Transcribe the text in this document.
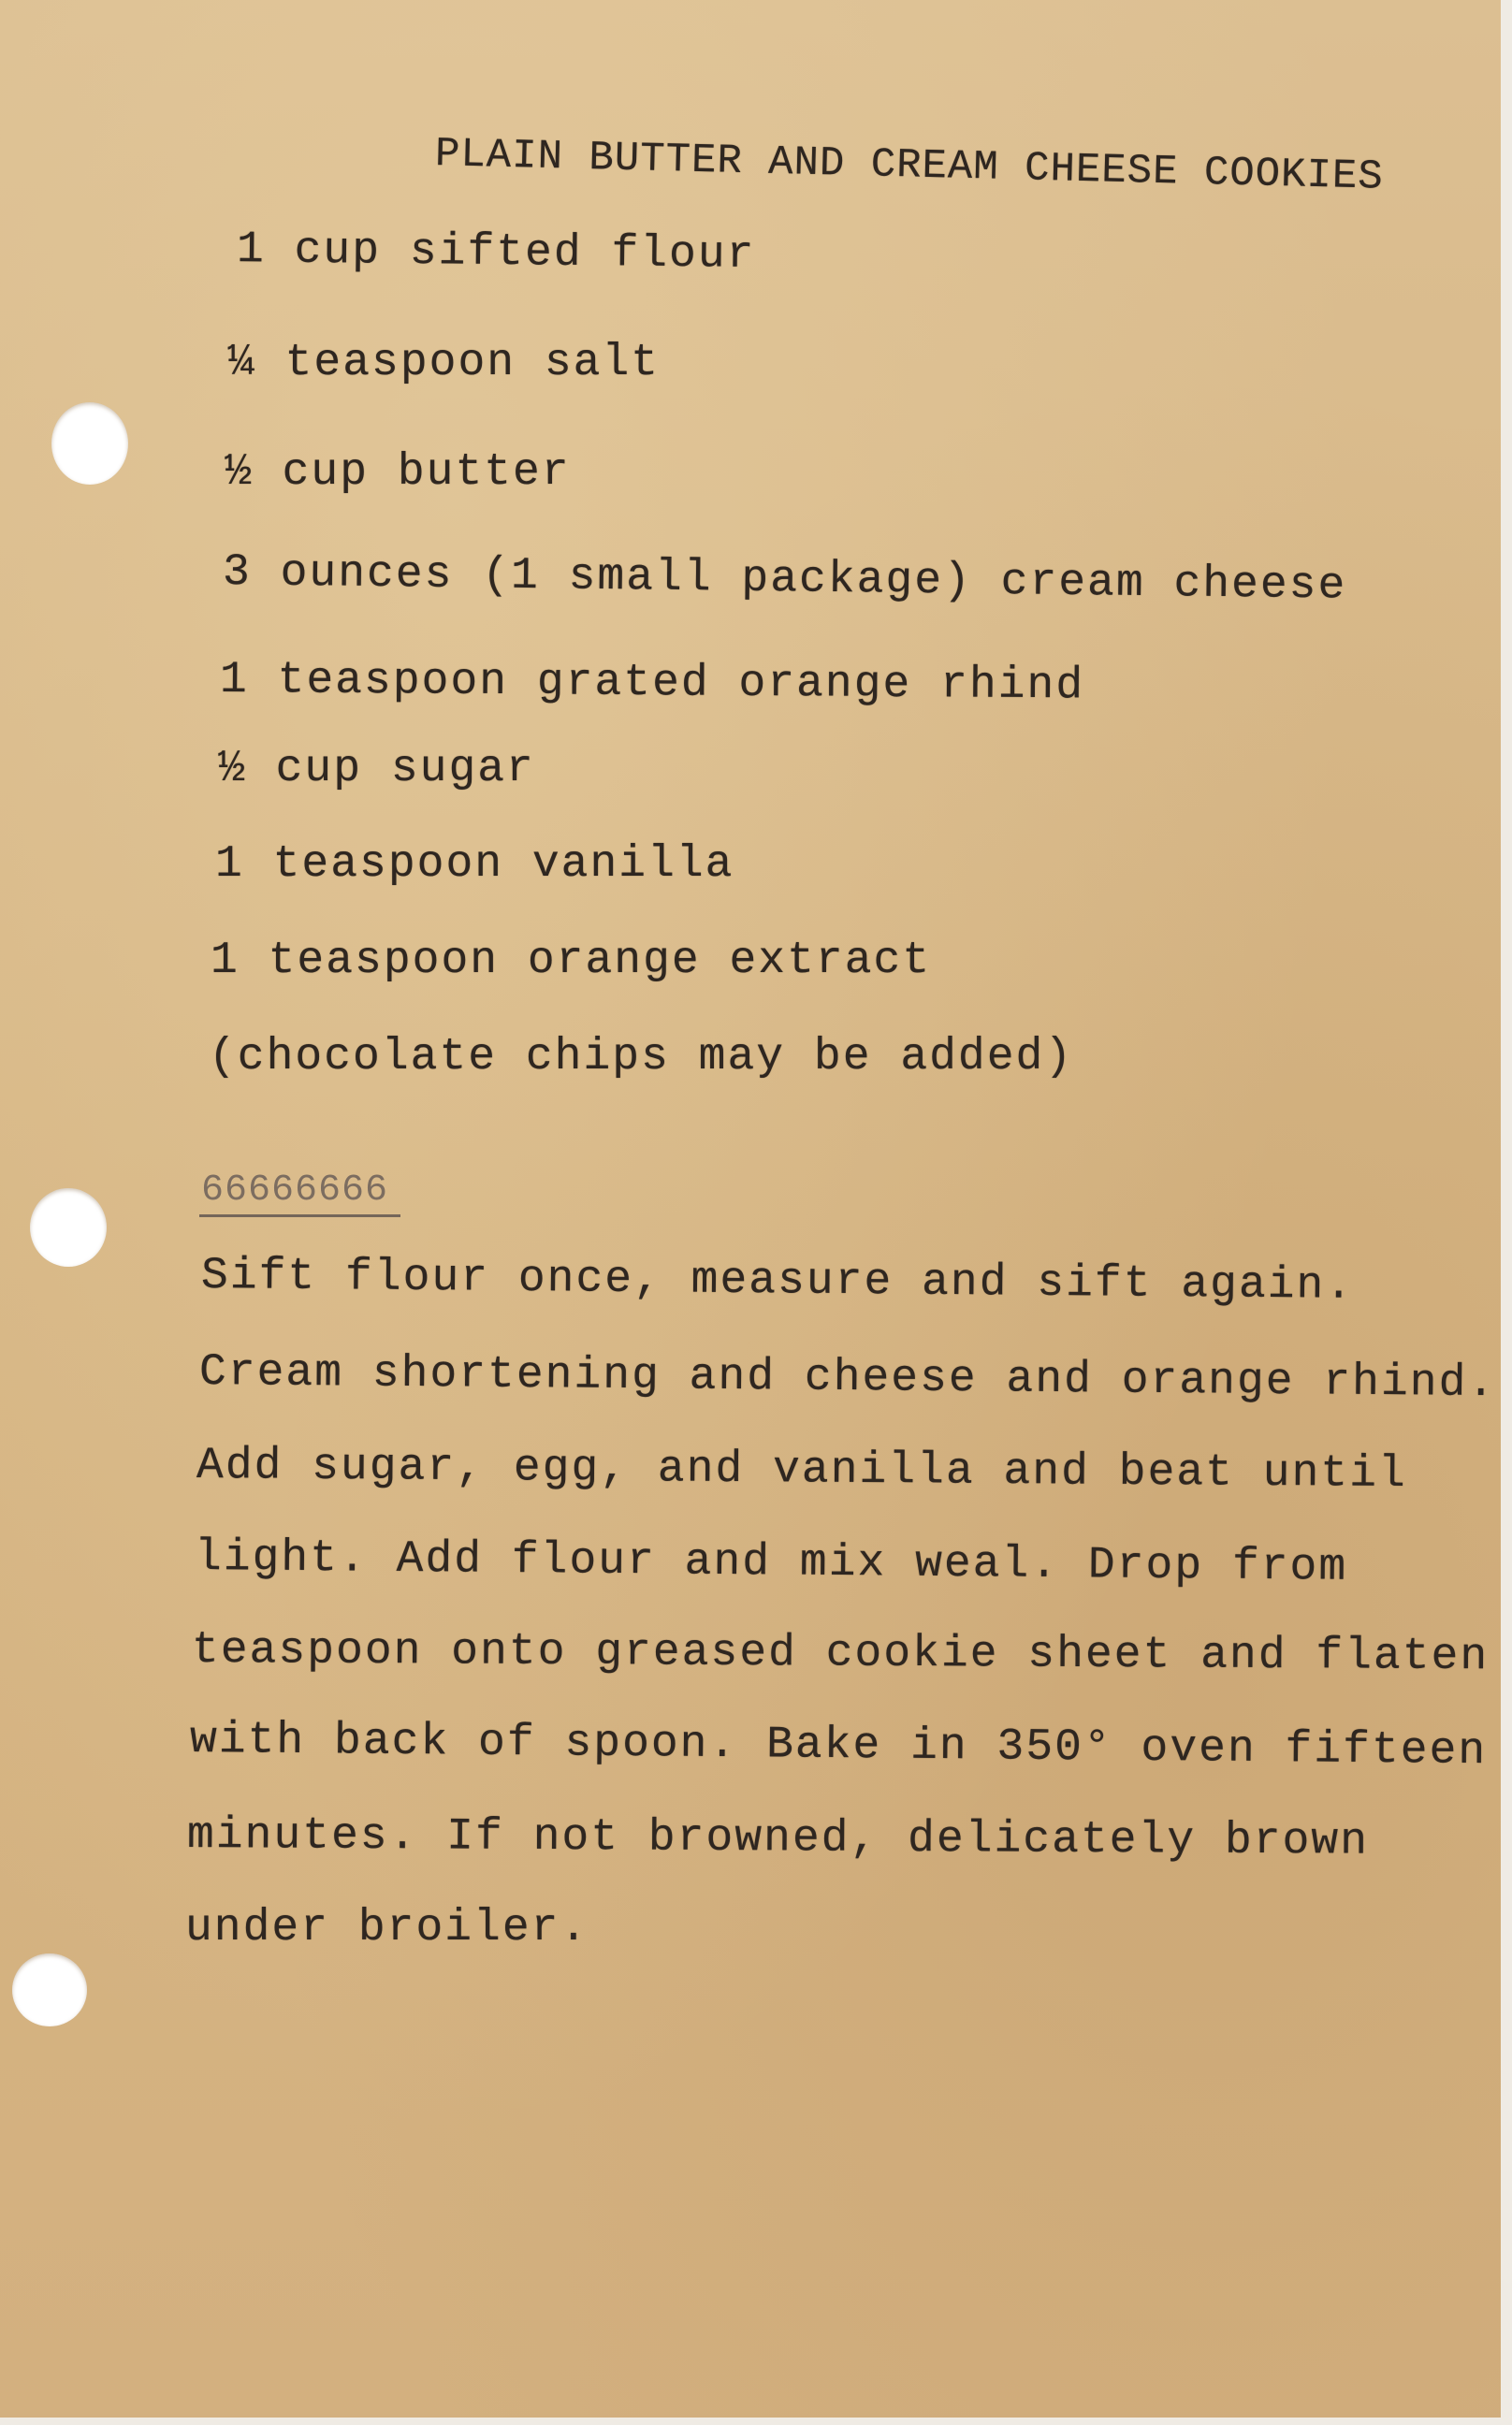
PLAIN BUTTER AND CREAM CHEESE COOKIES
1 cup sifted flour
¼ teaspoon salt
½ cup butter
3 ounces (1 small package) cream cheese
1 teaspoon grated orange rhind
½ cup sugar
1 teaspoon vanilla
1 teaspoon orange extract
(chocolate chips may be added)
66666666
Sift flour once, measure and sift again.
Cream shortening and cheese and orange rhind.
Add sugar, egg, and vanilla and beat until
light. Add flour and mix weal. Drop from
teaspoon onto greased cookie sheet and flaten
with back of spoon. Bake in 350° oven fifteen
minutes. If not browned, delicately brown
under broiler.
